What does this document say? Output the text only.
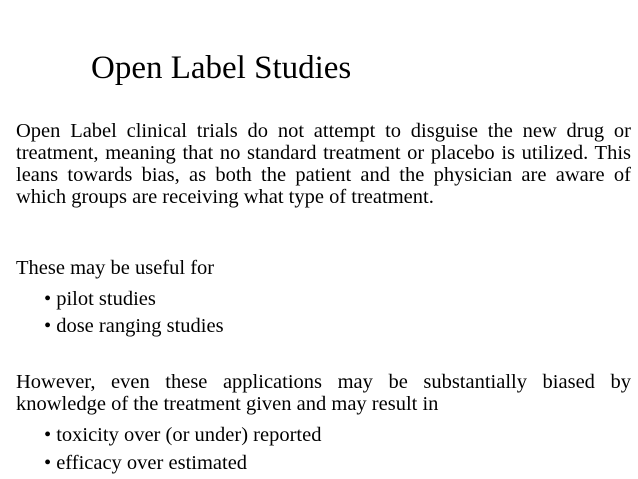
Open Label Studies
Open Label clinical trials do not attempt to disguise the new drug or treatment, meaning that no standard treatment or placebo is utilized. This leans towards bias, as both the patient and the physician are aware of which groups are receiving what type of treatment.
These may be useful for
• pilot studies
• dose ranging studies
However, even these applications may be substantially biased by knowledge of the treatment given and may result in
• toxicity over (or under) reported
• efficacy over estimated
